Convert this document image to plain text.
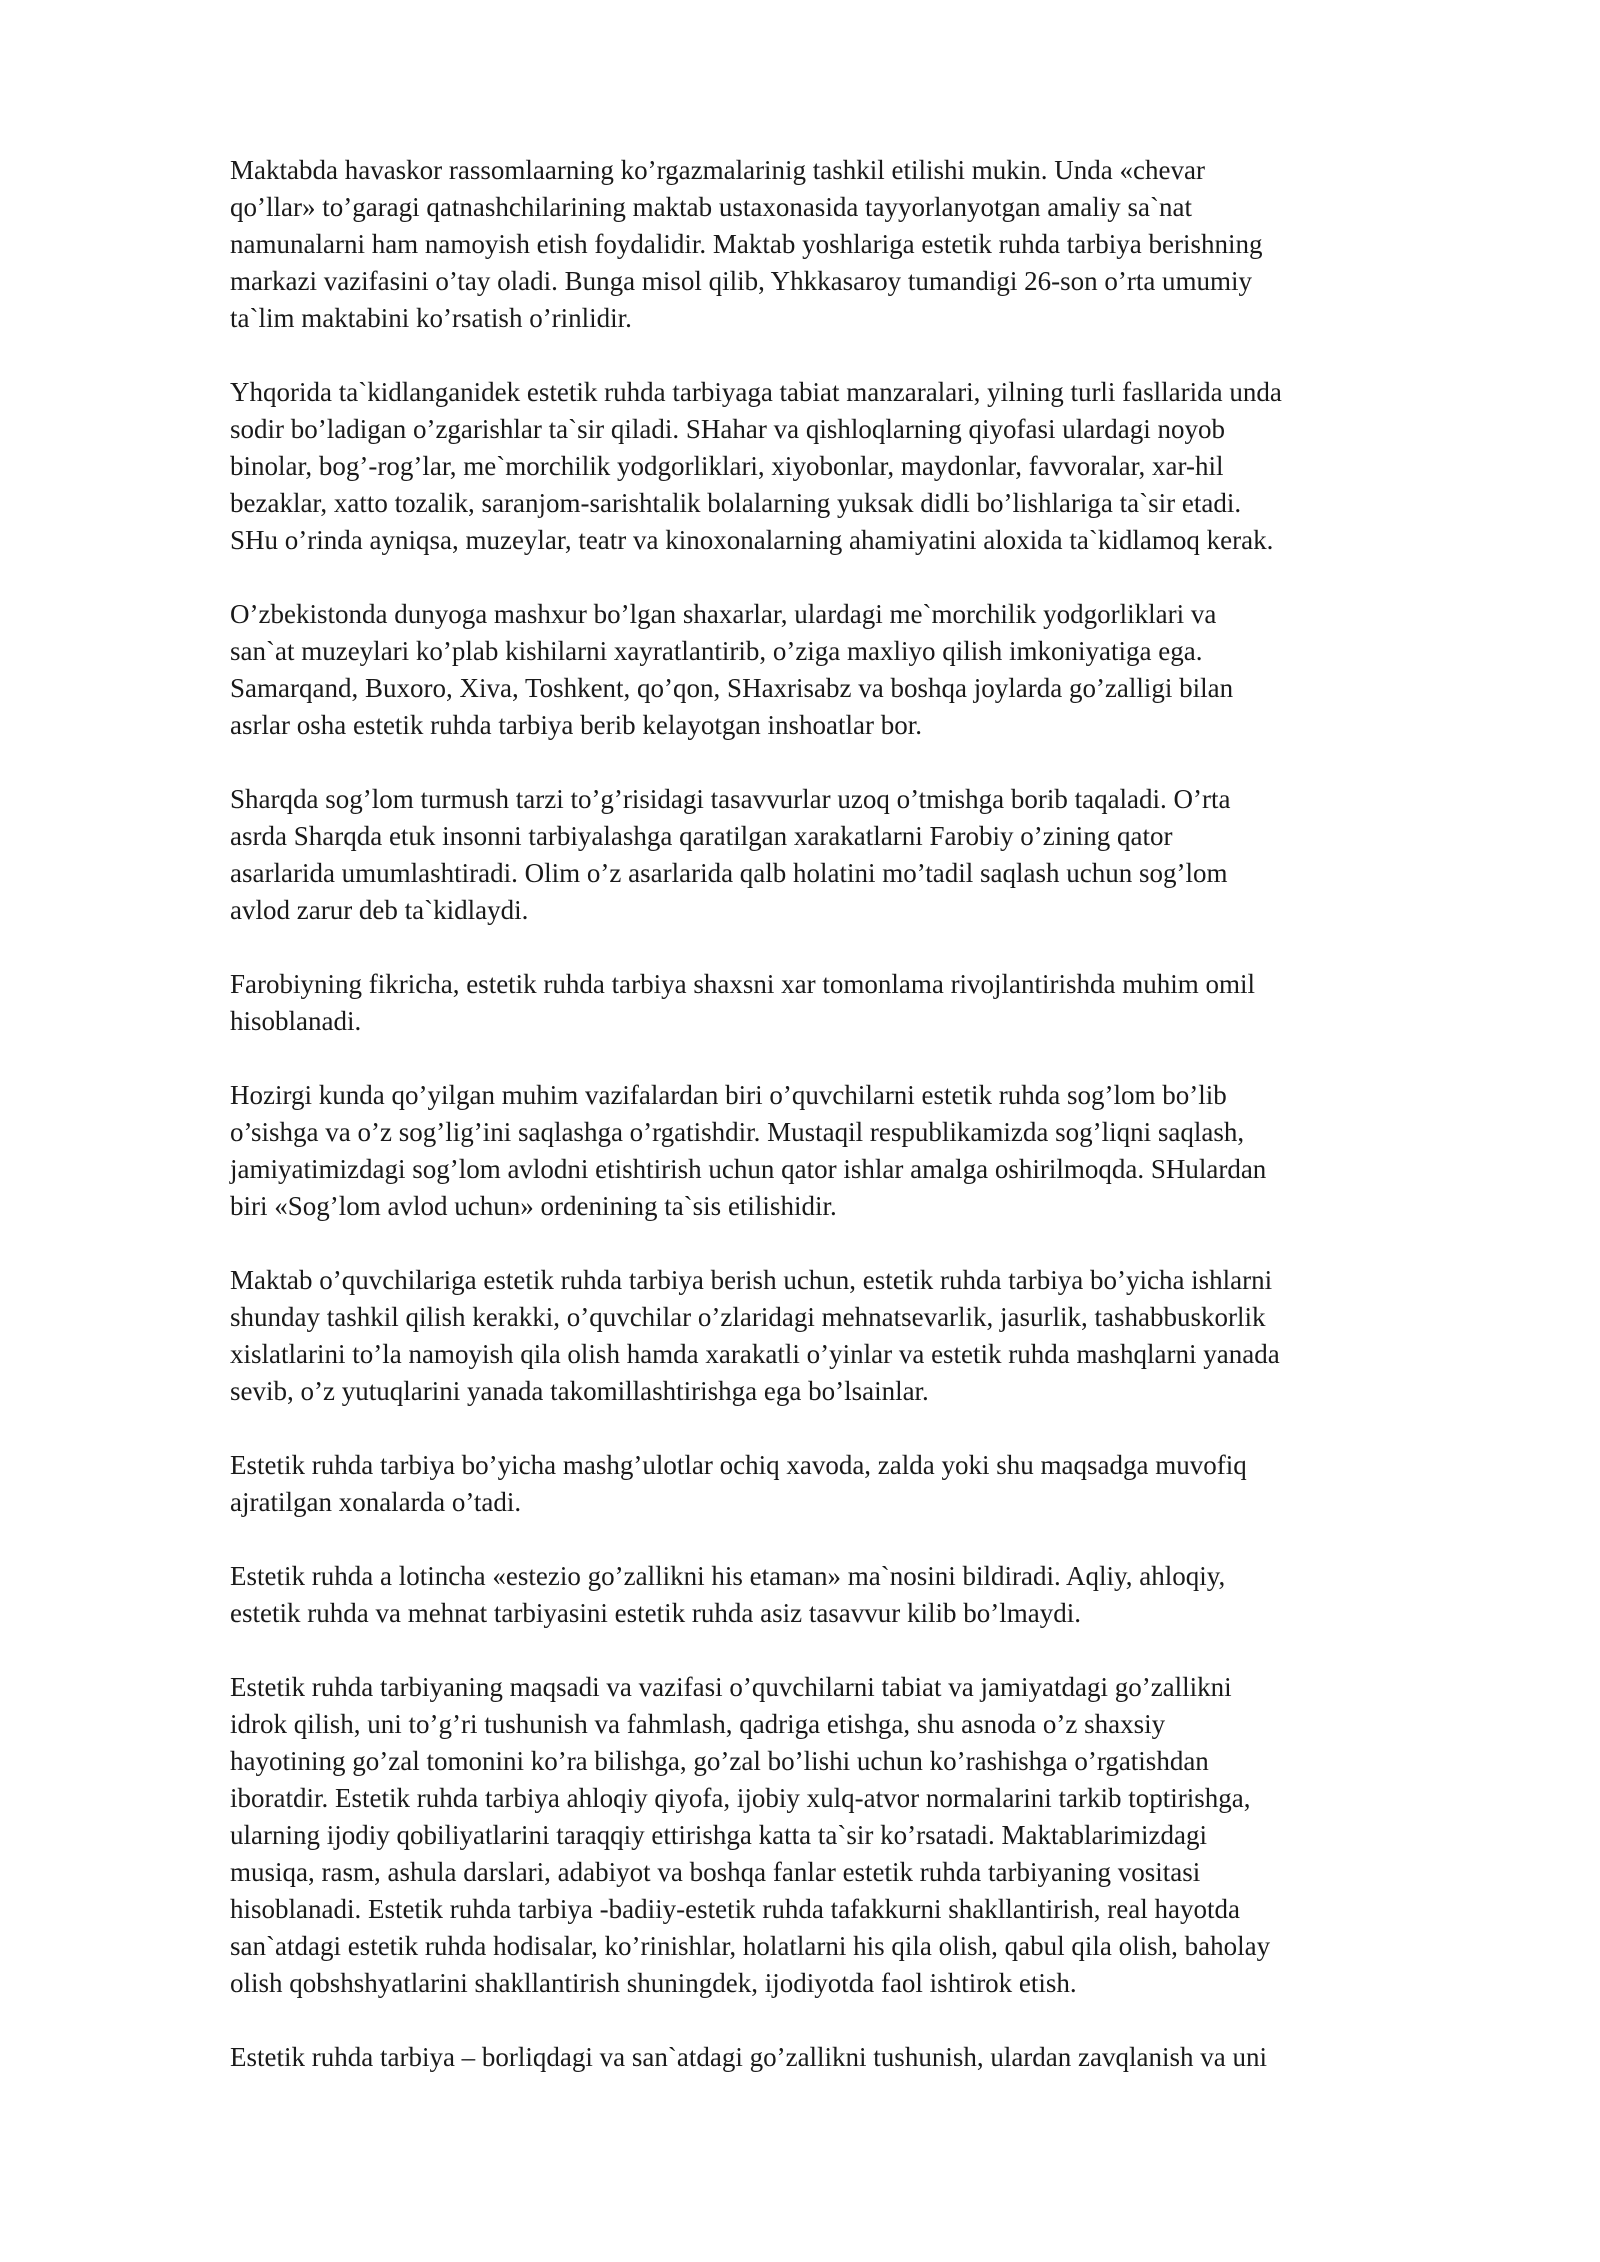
Maktabda havaskor rassomlaarning ko’rgazmalarinig tashkil etilishi mukin. Unda «chevar
qo’llar» to’garagi qatnashchilarining maktab ustaxonasida tayyorlanyotgan amaliy sa`nat
namunalarni ham namoyish etish foydalidir. Maktab yoshlariga estetik ruhda tarbiya berishning
markazi vazifasini o’tay oladi. Bunga misol qilib, Yhkkasaroy tumandigi 26-son o’rta umumiy
ta`lim maktabini ko’rsatish o’rinlidir.

Yhqorida ta`kidlanganidek estetik ruhda tarbiyaga tabiat manzaralari, yilning turli fasllarida unda
sodir bo’ladigan o’zgarishlar ta`sir qiladi. SHahar va qishloqlarning qiyofasi ulardagi noyob
binolar, bog’-rog’lar, me`morchilik yodgorliklari, xiyobonlar, maydonlar, favvoralar, xar-hil
bezaklar, xatto tozalik, saranjom-sarishtalik bolalarning yuksak didli bo’lishlariga ta`sir etadi.
SHu o’rinda ayniqsa, muzeylar, teatr va kinoxonalarning ahamiyatini aloxida ta`kidlamoq kerak.

O’zbekistonda dunyoga mashxur bo’lgan shaxarlar, ulardagi me`morchilik yodgorliklari va
san`at muzeylari ko’plab kishilarni xayratlantirib, o’ziga maxliyo qilish imkoniyatiga ega.
Samarqand, Buxoro, Xiva, Toshkent, qo’qon, SHaxrisabz va boshqa joylarda go’zalligi bilan
asrlar osha estetik ruhda tarbiya berib kelayotgan inshoatlar bor.

Sharqda sog’lom turmush tarzi to’g’risidagi tasavvurlar uzoq o’tmishga borib taqaladi. O’rta
asrda Sharqda etuk insonni tarbiyalashga qaratilgan xarakatlarni Farobiy o’zining qator
asarlarida umumlashtiradi. Olim o’z asarlarida qalb holatini mo’tadil saqlash uchun sog’lom
avlod zarur deb ta`kidlaydi.

Farobiyning fikricha, estetik ruhda tarbiya shaxsni xar tomonlama rivojlantirishda muhim omil
hisoblanadi.

Hozirgi kunda qo’yilgan muhim vazifalardan biri o’quvchilarni estetik ruhda sog’lom bo’lib
o’sishga va o’z sog’lig’ini saqlashga o’rgatishdir. Mustaqil respublikamizda sog’liqni saqlash,
jamiyatimizdagi sog’lom avlodni etishtirish uchun qator ishlar amalga oshirilmoqda. SHulardan
biri «Sog’lom avlod uchun» ordenining ta`sis etilishidir.

Maktab o’quvchilariga estetik ruhda tarbiya berish uchun, estetik ruhda tarbiya bo’yicha ishlarni
shunday tashkil qilish kerakki, o’quvchilar o’zlaridagi mehnatsevarlik, jasurlik, tashabbuskorlik
xislatlarini to’la namoyish qila olish hamda xarakatli o’yinlar va estetik ruhda mashqlarni yanada
sevib, o’z yutuqlarini yanada takomillashtirishga ega bo’lsainlar.

Estetik ruhda tarbiya bo’yicha mashg’ulotlar ochiq xavoda, zalda yoki shu maqsadga muvofiq
ajratilgan xonalarda o’tadi.

Estetik ruhda a lotincha «estezio go’zallikni his etaman» ma`nosini bildiradi. Aqliy, ahloqiy,
estetik ruhda va mehnat tarbiyasini estetik ruhda asiz tasavvur kilib bo’lmaydi.

Estetik ruhda tarbiyaning maqsadi va vazifasi o’quvchilarni tabiat va jamiyatdagi go’zallikni
idrok qilish, uni to’g’ri tushunish va fahmlash, qadriga etishga, shu asnoda o’z shaxsiy
hayotining go’zal tomonini ko’ra bilishga, go’zal bo’lishi uchun ko’rashishga o’rgatishdan
iboratdir. Estetik ruhda tarbiya ahloqiy qiyofa, ijobiy xulq-atvor normalarini tarkib toptirishga,
ularning ijodiy qobiliyatlarini taraqqiy ettirishga katta ta`sir ko’rsatadi. Maktablarimizdagi
musiqa, rasm, ashula darslari, adabiyot va boshqa fanlar estetik ruhda tarbiyaning vositasi
hisoblanadi. Estetik ruhda tarbiya -badiiy-estetik ruhda tafakkurni shakllantirish, real hayotda
san`atdagi estetik ruhda hodisalar, ko’rinishlar, holatlarni his qila olish, qabul qila olish, baholay
olish qobshshyatlarini shakllantirish shuningdek, ijodiyotda faol ishtirok etish.

Estetik ruhda tarbiya – borliqdagi va san`atdagi go’zallikni tushunish, ulardan zavqlanish va uni
